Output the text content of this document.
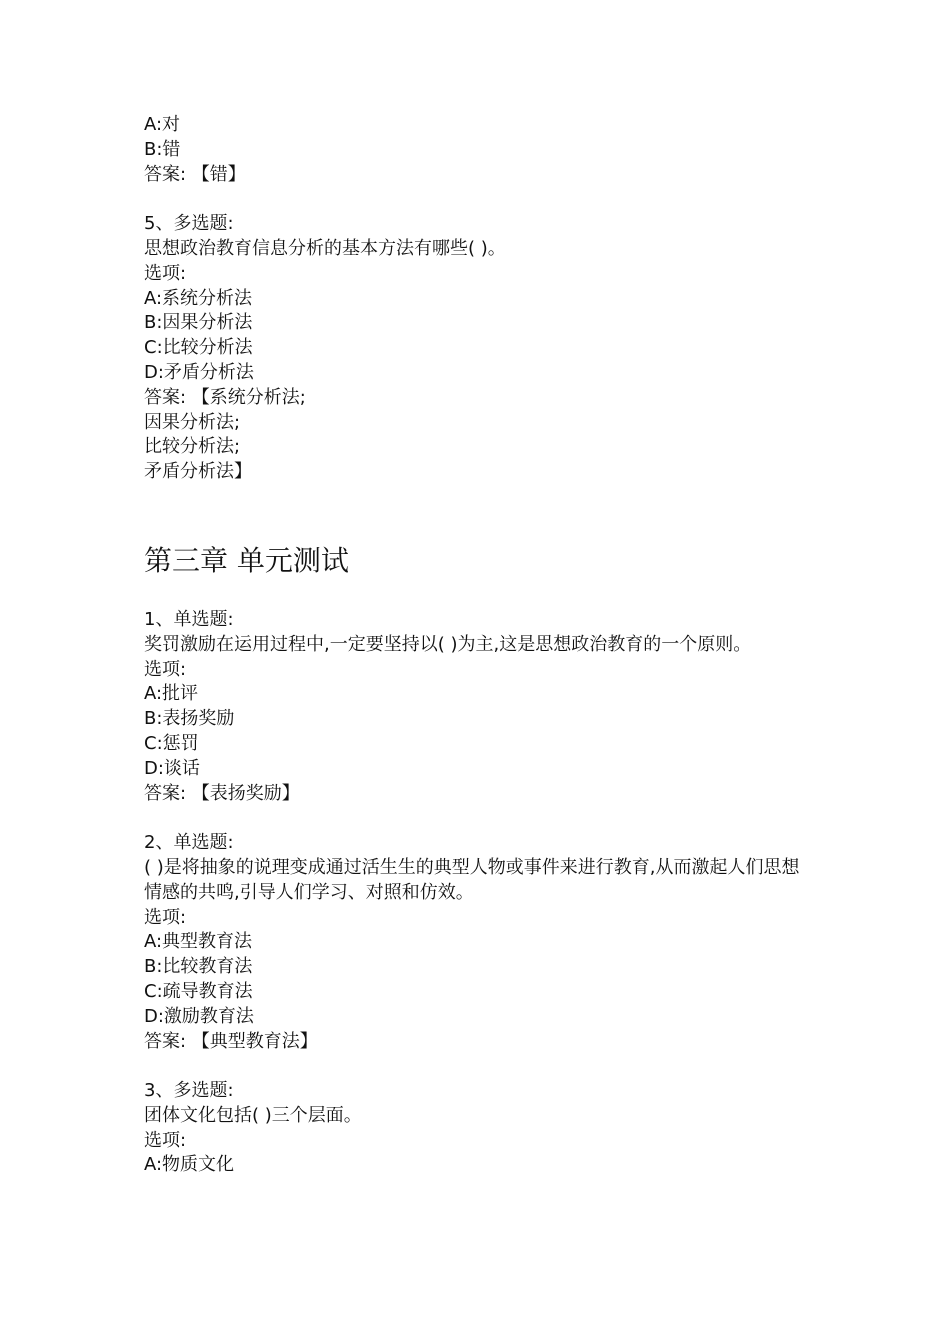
A:对
B:错
答案: 【错】
5、多选题:
思想政治教育信息分析的基本方法有哪些( )。
选项:
A:系统分析法
B:因果分析法
C:比较分析法
D:矛盾分析法
答案: 【系统分析法;
因果分析法;
比较分析法;
矛盾分析法】
第三章 单元测试
1、单选题:
奖罚激励在运用过程中,一定要坚持以( )为主,这是思想政治教育的一个原则。
选项:
A:批评
B:表扬奖励
C:惩罚
D:谈话
答案: 【表扬奖励】
2、单选题:
( )是将抽象的说理变成通过活生生的典型人物或事件来进行教育,从而激起人们思想情感的共鸣,引导人们学习、对照和仿效。
选项:
A:典型教育法
B:比较教育法
C:疏导教育法
D:激励教育法
答案: 【典型教育法】
3、多选题:
团体文化包括( )三个层面。
选项:
A:物质文化
